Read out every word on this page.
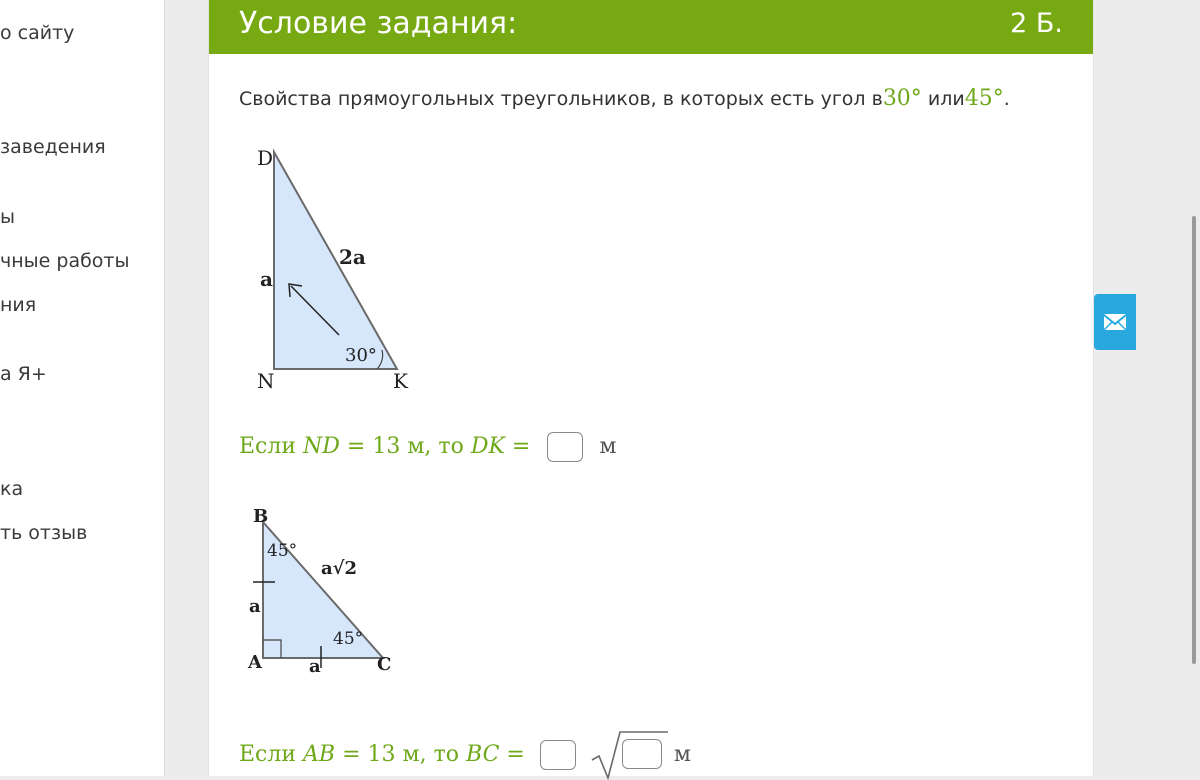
о сайту
заведения
ы
чные работы
ния
а Я+
ка
ть отзыв
Условие задания:	2 Б.
Свойства прямоугольных треугольников, в которых есть угол в30° или45°.
D
N	K
a
2a
30°
Если ND = 13 м, то DK =	м
B
A	C
a
a
a√2
45°
45°
Если AB = 13 м, то BC =	м
